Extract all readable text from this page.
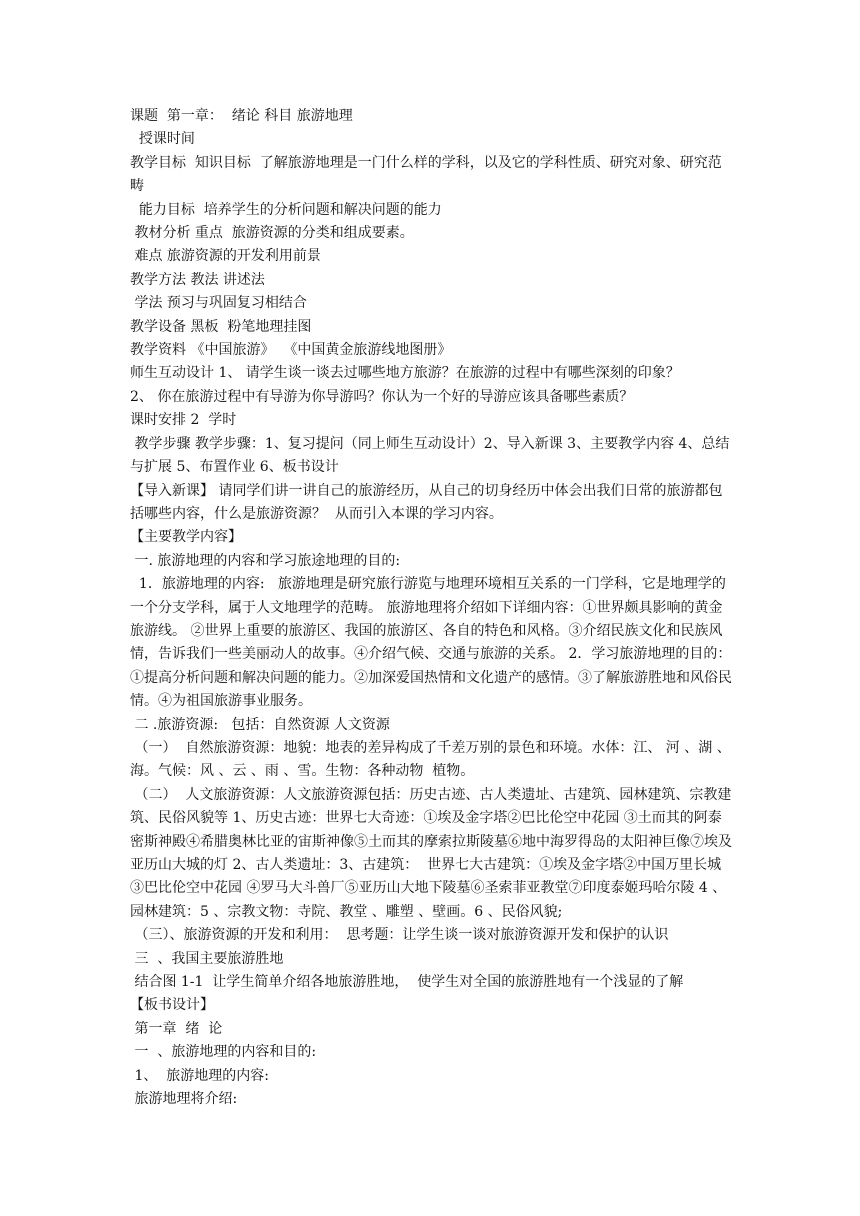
课题  第一章：  绪论 科目 旅游地理

授课时间

教学目标  知识目标  了解旅游地理是一门什么样的学科，以及它的学科性质、研究对象、研究范畴

能力目标  培养学生的分析问题和解决问题的能力

教材分析 重点  旅游资源的分类和组成要素。

难点 旅游资源的开发利用前景

教学方法 教法 讲述法

学法 预习与巩固复习相结合

教学设备 黑板  粉笔地理挂图

教学资料 《中国旅游》  《中国黄金旅游线地图册》

师生互动设计 1、 请学生谈一谈去过哪些地方旅游？在旅游的过程中有哪些深刻的印象？

2、 你在旅游过程中有导游为你导游吗？你认为一个好的导游应该具备哪些素质？

课时安排 2  学时

教学步骤 教学步骤：1、复习提问（同上师生互动设计）2、导入新课 3、主要教学内容 4、总结与扩展 5、布置作业 6、板书设计

【导入新课】 请同学们讲一讲自己的旅游经历，从自己的切身经历中体会出我们日常的旅游都包括哪些内容，什么是旅游资源？  从而引入本课的学习内容。

【主要教学内容】

一. 旅游地理的内容和学习旅途地理的目的:

1．旅游地理的内容:   旅游地理是研究旅行游览与地理环境相互关系的一门学科，它是地理学的一个分支学科，属于人文地理学的范畴。 旅游地理将介绍如下详细内容：①世界颇具影响的黄金旅游线。 ②世界上重要的旅游区、我国的旅游区、各自的特色和风格。③介绍民族文化和民族风情，告诉我们一些美丽动人的故事。④介绍气候、交通与旅游的关系。 2．学习旅游地理的目的：①提高分析问题和解决问题的能力。②加深爱国热情和文化遗产的感情。③了解旅游胜地和风俗民情。④为祖国旅游事业服务。

二 .旅游资源:   包括：自然资源 人文资源

（一）  自然旅游资源：地貌：地表的差异构成了千差万别的景色和环境。水体：江、 河 、湖 、海。气候：风 、云 、雨 、雪。生物：各种动物  植物。

（二）  人文旅游资源：人文旅游资源包括：历史古迹、古人类遗址、古建筑、园林建筑、宗教建筑、民俗风貌等 1、历史古迹：世界七大奇迹：①埃及金字塔②巴比伦空中花园 ③土而其的阿泰密斯神殿④希腊奥林比亚的宙斯神像⑤土而其的摩索拉斯陵墓⑥地中海罗得岛的太阳神巨像⑦埃及亚历山大城的灯 2、古人类遗址：3、古建筑：  世界七大古建筑：①埃及金字塔②中国万里长城③巴比伦空中花园 ④罗马大斗兽厂⑤亚历山大地下陵墓⑥圣索菲亚教堂⑦印度泰姬玛哈尔陵 4 、园林建筑：5 、宗教文物：寺院、教堂 、雕塑 、壁画。6 、民俗风貌;

（三）、旅游资源的开发和利用：  思考题：让学生谈一谈对旅游资源开发和保护的认识

三  、我国主要旅游胜地

结合图 1-1  让学生简单介绍各地旅游胜地，  使学生对全国的旅游胜地有一个浅显的了解

【板书设计】

第一章  绪  论

一  、旅游地理的内容和目的:

1、  旅游地理的内容:

旅游地理将介绍:
